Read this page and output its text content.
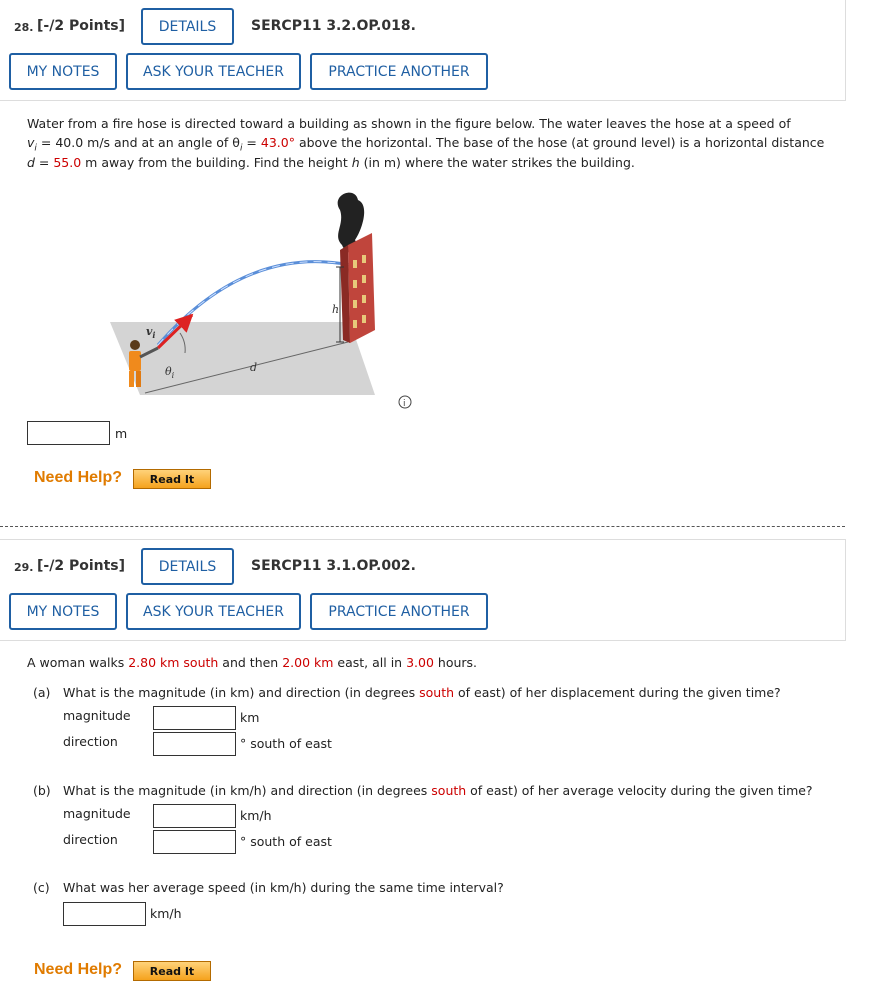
28. [-/2 Points]	DETAILS	SERCP11 3.2.OP.018.
MY NOTES	ASK YOUR TEACHER	PRACTICE ANOTHER
Water from a fire hose is directed toward a building as shown in the figure below. The water leaves the hose at a speed of
$v_i = 40.0$ m/s and at an angle of $\theta_i = 43.0^\circ$ above the horizontal. The base of the hose (at ground level) is a horizontal distance
d = 55.0 m away from the building. Find the height h (in m) where the water strikes the building.
$v_i$
$\theta_i$
d
h
i
m
Need Help?	Read It
29. [-/2 Points]	DETAILS	SERCP11 3.1.OP.002.
MY NOTES	ASK YOUR TEACHER	PRACTICE ANOTHER
A woman walks 2.80 km south and then 2.00 km east, all in 3.00 hours.
(a) What is the magnitude (in km) and direction (in degrees south of east) of her displacement during the given time?
magnitude	km
direction	° south of east
(b) What is the magnitude (in km/h) and direction (in degrees south of east) of her average velocity during the given time?
magnitude	km/h
direction	° south of east
(c) What was her average speed (in km/h) during the same time interval?
km/h
Need Help?	Read It
